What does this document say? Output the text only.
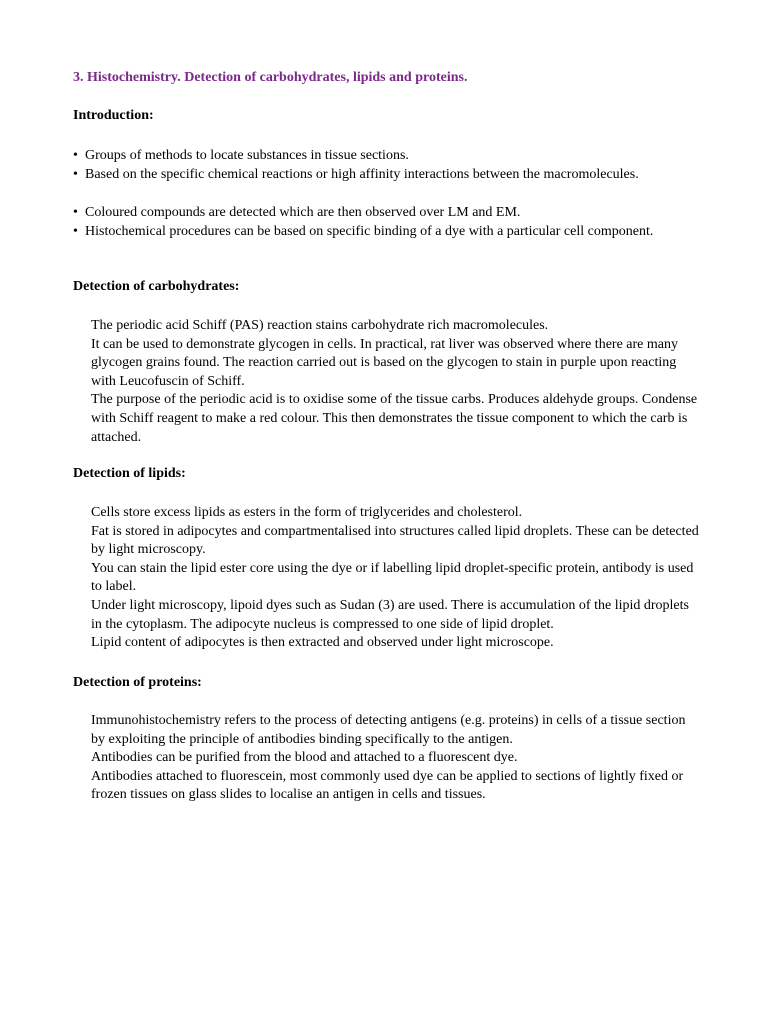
3. Histochemistry. Detection of carbohydrates, lipids and proteins.
Introduction:
• Groups of methods to locate substances in tissue sections.
• Based on the specific chemical reactions or high affinity interactions between the macromolecules.
• Coloured compounds are detected which are then observed over LM and EM.
• Histochemical procedures can be based on specific binding of a dye with a particular cell component.
Detection of carbohydrates:
The periodic acid Schiff (PAS) reaction stains carbohydrate rich macromolecules.
It can be used to demonstrate glycogen in cells. In practical, rat liver was observed where there are many glycogen grains found. The reaction carried out is based on the glycogen to stain in purple upon reacting with Leucofuscin of Schiff.
The purpose of the periodic acid is to oxidise some of the tissue carbs. Produces aldehyde groups. Condense with Schiff reagent to make a red colour. This then demonstrates the tissue component to which the carb is attached.
Detection of lipids:
Cells store excess lipids as esters in the form of triglycerides and cholesterol.
Fat is stored in adipocytes and compartmentalised into structures called lipid droplets. These can be detected by light microscopy.
You can stain the lipid ester core using the dye or if labelling lipid droplet-specific protein, antibody is used to label.
Under light microscopy, lipoid dyes such as Sudan (3) are used. There is accumulation of the lipid droplets in the cytoplasm. The adipocyte nucleus is compressed to one side of lipid droplet.
Lipid content of adipocytes is then extracted and observed under light microscope.
Detection of proteins:
Immunohistochemistry refers to the process of detecting antigens (e.g. proteins) in cells of a tissue section by exploiting the principle of antibodies binding specifically to the antigen.
Antibodies can be purified from the blood and attached to a fluorescent dye.
Antibodies attached to fluorescein, most commonly used dye can be applied to sections of lightly fixed or frozen tissues on glass slides to localise an antigen in cells and tissues.
